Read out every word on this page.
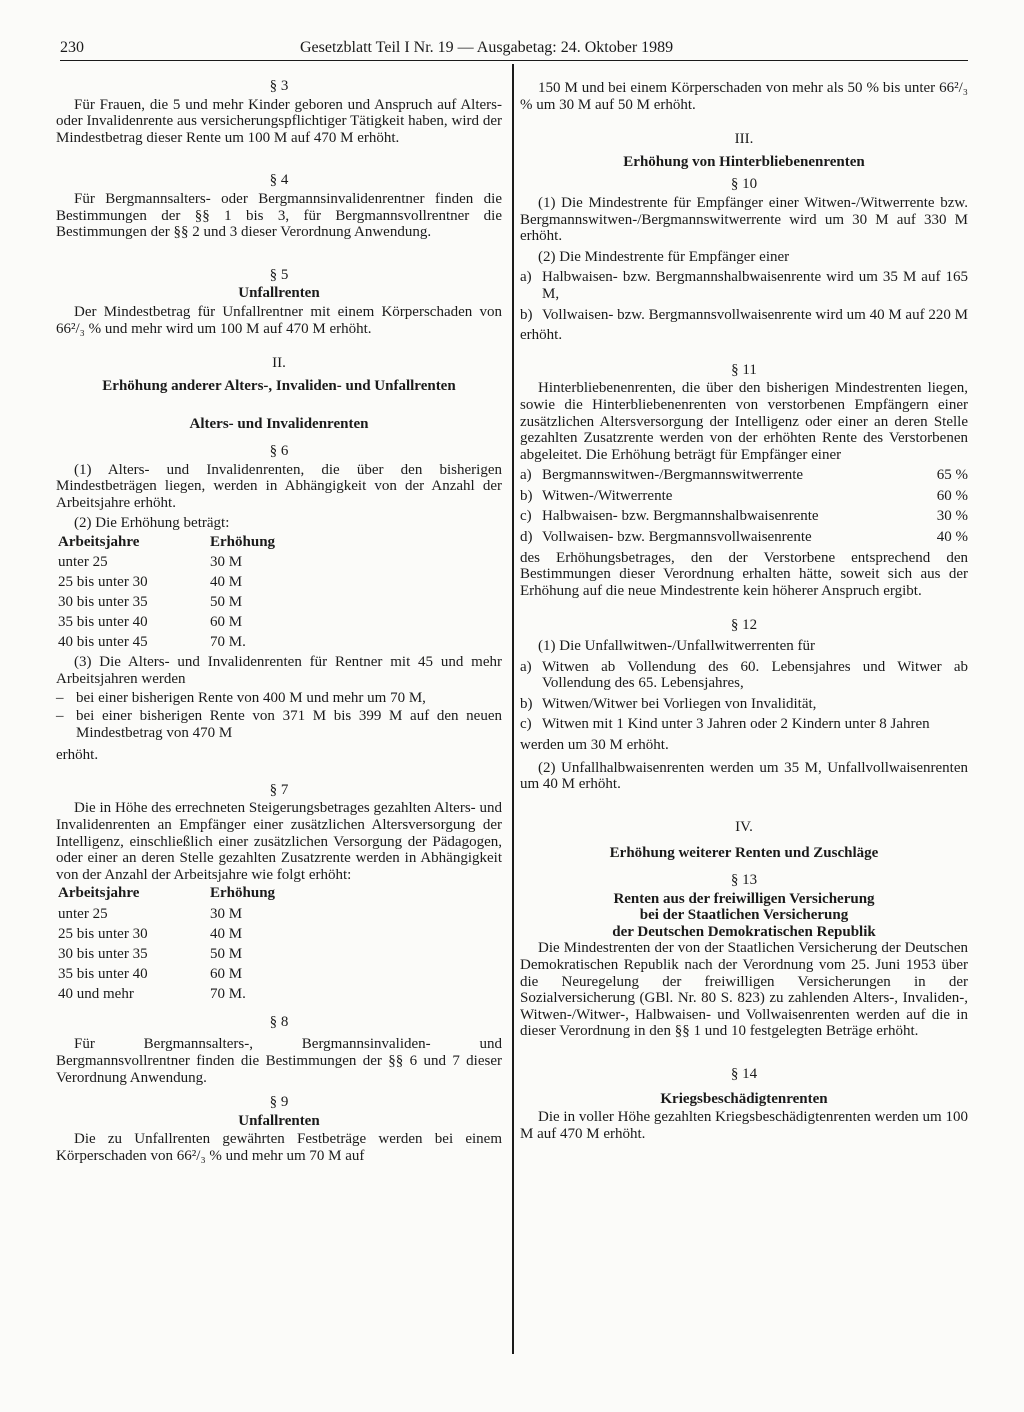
230	Gesetzblatt Teil I Nr. 19 — Ausgabetag: 24. Oktober 1989
§ 3

Für Frauen, die 5 und mehr Kinder geboren und Anspruch auf Alters- oder Invalidenrente aus versicherungspflichtiger Tätigkeit haben, wird der Mindestbetrag dieser Rente um 100 M auf 470 M erhöht.

§ 4

Für Bergmannsalters- oder Bergmannsinvalidenrentner finden die Bestimmungen der §§ 1 bis 3, für Bergmannsvollrentner die Bestimmungen der §§ 2 und 3 dieser Verordnung Anwendung.

§ 5
Unfallrenten

Der Mindestbetrag für Unfallrentner mit einem Körperschaden von 66²/₃ % und mehr wird um 100 M auf 470 M erhöht.

II.
Erhöhung anderer Alters-, Invaliden- und Unfallrenten
Alters- und Invalidenrenten
§ 6

(1) Alters- und Invalidenrenten, die über den bisherigen Mindestbeträgen liegen, werden in Abhängigkeit von der Anzahl der Arbeitsjahre erhöht.

(2) Die Erhöhung beträgt:

Arbeitsjahre	Erhöhung
unter 25	30 M
25 bis unter 30	40 M
30 bis unter 35	50 M
35 bis unter 40	60 M
40 bis unter 45	70 M.

(3) Die Alters- und Invalidenrenten für Rentner mit 45 und mehr Arbeitsjahren werden

– bei einer bisherigen Rente von 400 M und mehr um 70 M,
– bei einer bisherigen Rente von 371 M bis 399 M auf den neuen Mindestbetrag von 470 M

erhöht.

§ 7

Die in Höhe des errechneten Steigerungsbetrages gezahlten Alters- und Invalidenrenten an Empfänger einer zusätzlichen Altersversorgung der Intelligenz, einschließlich einer zusätzlichen Versorgung der Pädagogen, oder einer an deren Stelle gezahlten Zusatzrente werden in Abhängigkeit von der Anzahl der Arbeitsjahre wie folgt erhöht:

Arbeitsjahre	Erhöhung
unter 25	30 M
25 bis unter 30	40 M
30 bis unter 35	50 M
35 bis unter 40	60 M
40 und mehr	70 M.
§ 8

Für Bergmannsalters-, Bergmannsinvaliden- und Bergmannsvollrentner finden die Bestimmungen der §§ 6 und 7 dieser Verordnung Anwendung.

§ 9
Unfallrenten

Die zu Unfallrenten gewährten Festbeträge werden bei einem Körperschaden von 66²/₃ % und mehr um 70 M auf

150 M und bei einem Körperschaden von mehr als 50 % bis unter 66²/₃ % um 30 M auf 50 M erhöht.

III.
Erhöhung von Hinterbliebenenrenten
§ 10

(1) Die Mindestrente für Empfänger einer Witwen-/Witwerrente bzw. Bergmannswitwen-/Bergmannswitwerrente wird um 30 M auf 330 M erhöht.

(2) Die Mindestrente für Empfänger einer

a) Halbwaisen- bzw. Bergmannshalbwaisenrente wird um 35 M auf 165 M,
b) Vollwaisen- bzw. Bergmannsvollwaisenrente wird um 40 M auf 220 M

erhöht.

§ 11

Hinterbliebenenrenten, die über den bisherigen Mindestrenten liegen, sowie die Hinterbliebenenrenten von verstorbenen Empfängern einer zusätzlichen Altersversorgung der Intelligenz oder einer an deren Stelle gezahlten Zusatzrente werden von der erhöhten Rente des Verstorbenen abgeleitet. Die Erhöhung beträgt für Empfänger einer

a) Bergmannswitwen-/Bergmannswitwerrente	65 %
b) Witwen-/Witwerrente	60 %
c) Halbwaisen- bzw. Bergmannshalbwaisenrente	30 %
d) Vollwaisen- bzw. Bergmannsvollwaisenrente	40 %

des Erhöhungsbetrages, den der Verstorbene entsprechend den Bestimmungen dieser Verordnung erhalten hätte, soweit sich aus der Erhöhung auf die neue Mindestrente kein höherer Anspruch ergibt.

§ 12

(1) Die Unfallwitwen-/Unfallwitwerrenten für

a) Witwen ab Vollendung des 60. Lebensjahres und Witwer ab Vollendung des 65. Lebensjahres,
b) Witwen/Witwer bei Vorliegen von Invalidität,
c) Witwen mit 1 Kind unter 3 Jahren oder 2 Kindern unter 8 Jahren

werden um 30 M erhöht.

(2) Unfallhalbwaisenrenten werden um 35 M, Unfallvollwaisenrenten um 40 M erhöht.

IV.
Erhöhung weiterer Renten und Zuschläge
§ 13
Renten aus der freiwilligen Versicherung
bei der Staatlichen Versicherung
der Deutschen Demokratischen Republik

Die Mindestrenten der von der Staatlichen Versicherung der Deutschen Demokratischen Republik nach der Verordnung vom 25. Juni 1953 über die Neuregelung der freiwilligen Versicherungen in der Sozialversicherung (GBl. Nr. 80 S. 823) zu zahlenden Alters-, Invaliden-, Witwen-/Witwer-, Halbwaisen- und Vollwaisenrenten werden auf die in dieser Verordnung in den §§ 1 und 10 festgelegten Beträge erhöht.

§ 14
Kriegsbeschädigtenrenten

Die in voller Höhe gezahlten Kriegsbeschädigtenrenten werden um 100 M auf 470 M erhöht.
